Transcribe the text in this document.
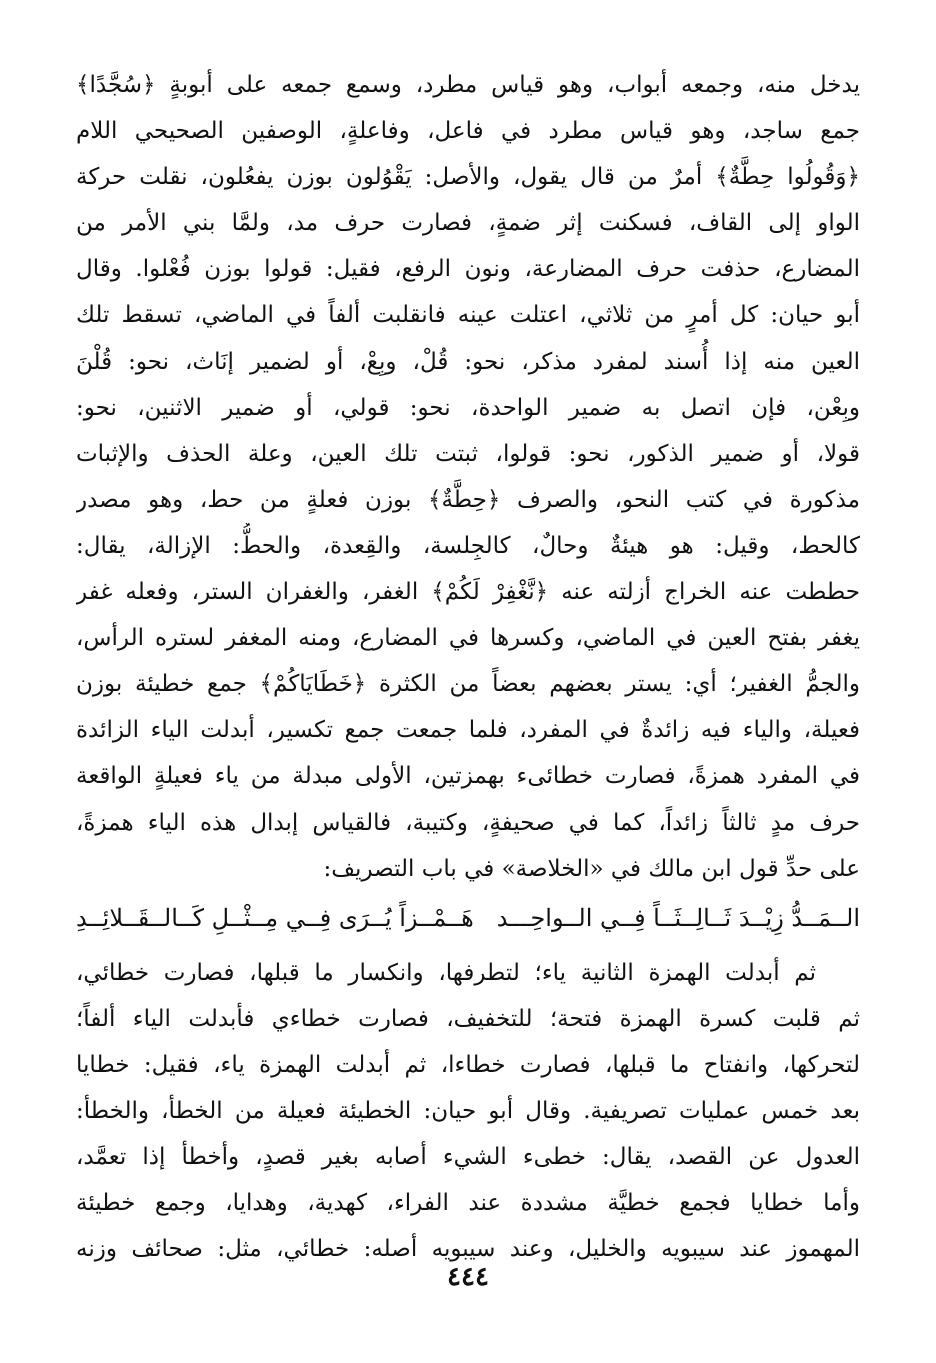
يدخل منه، وجمعه أبواب، وهو قياس مطرد، وسمع جمعه على أبوبةٍ ﴿سُجَّدًا﴾
جمع ساجد، وهو قياس مطرد في فاعل، وفاعلةٍ، الوصفين الصحيحي اللام
﴿وَقُولُوا حِطَّةٌ﴾ أمرٌ من قال يقول، والأصل: يَقْوُلون بوزن يفعُلون، نقلت حركة
الواو إلى القاف، فسكنت إثر ضمةٍ، فصارت حرف مد، ولمَّا بني الأمر من
المضارع، حذفت حرف المضارعة، ونون الرفع، فقيل: قولوا بوزن فُعْلوا. وقال
أبو حيان: كل أمرٍ من ثلاثي، اعتلت عينه فانقلبت ألفاً في الماضي، تسقط تلك
العين منه إذا أُسند لمفرد مذكر، نحو: قُلْ، وبِعْ، أو لضمير إنَاث، نحو: قُلْنَ
وبِعْن، فإن اتصل به ضمير الواحدة، نحو: قولي، أو ضمير الاثنين، نحو:
قولا، أو ضمير الذكور، نحو: قولوا، ثبتت تلك العين، وعلة الحذف والإثبات
مذكورة في كتب النحو، والصرف ﴿حِطَّةٌ﴾ بوزن فعلةٍ من حط، وهو مصدر
كالحط، وقيل: هو هيئةٌ وحالٌ، كالجِلسة، والقِعدة، والحطُّ: الإزالة، يقال:
حططت عنه الخراج أزلته عنه ﴿نَّغْفِرْ لَكُمْ﴾ الغفر، والغفران الستر، وفعله غفر
يغفر بفتح العين في الماضي، وكسرها في المضارع، ومنه المغفر لستره الرأس،
والجمُّ الغفير؛ أي: يستر بعضهم بعضاً من الكثرة ﴿خَطَايَاكُمْ﴾ جمع خطيئة بوزن
فعيلة، والياء فيه زائدةٌ في المفرد، فلما جمعت جمع تكسير، أبدلت الياء الزائدة
في المفرد همزةً، فصارت خطائىء بهمزتين، الأولى مبدلة من ياء فعيلةٍ الواقعة
حرف مدٍ ثالثاً زائداً، كما في صحيفةٍ، وكتيبة، فالقياس إبدال هذه الياء همزةً،
على حدِّ قول ابن مالك في «الخلاصة» في باب التصريف:
الــمَــدُّ زِيْــدَ ثَــالِــثَــاً فِــي الــواحِـــد
هَــمْــزاً يُــرَى فِــي مِــثْــلِ كَــالــقَــلائِــدِ
ثم أبدلت الهمزة الثانية ياء؛ لتطرفها، وانكسار ما قبلها، فصارت خطائي،
ثم قلبت كسرة الهمزة فتحة؛ للتخفيف، فصارت خطاءي فأبدلت الياء ألفاً؛
لتحركها، وانفتاح ما قبلها، فصارت خطاءا، ثم أبدلت الهمزة ياء، فقيل: خطايا
بعد خمس عمليات تصريفية. وقال أبو حيان: الخطيئة فعيلة من الخطأ، والخطأ:
العدول عن القصد، يقال: خطىء الشيء أصابه بغير قصدٍ، وأخطأ إذا تعمَّد،
وأما خطايا فجمع خطيَّة مشددة عند الفراء، كهدية، وهدايا، وجمع خطيئة
المهموز عند سيبويه والخليل، وعند سيبويه أصله: خطائي، مثل: صحائف وزنه
٤٤٤
